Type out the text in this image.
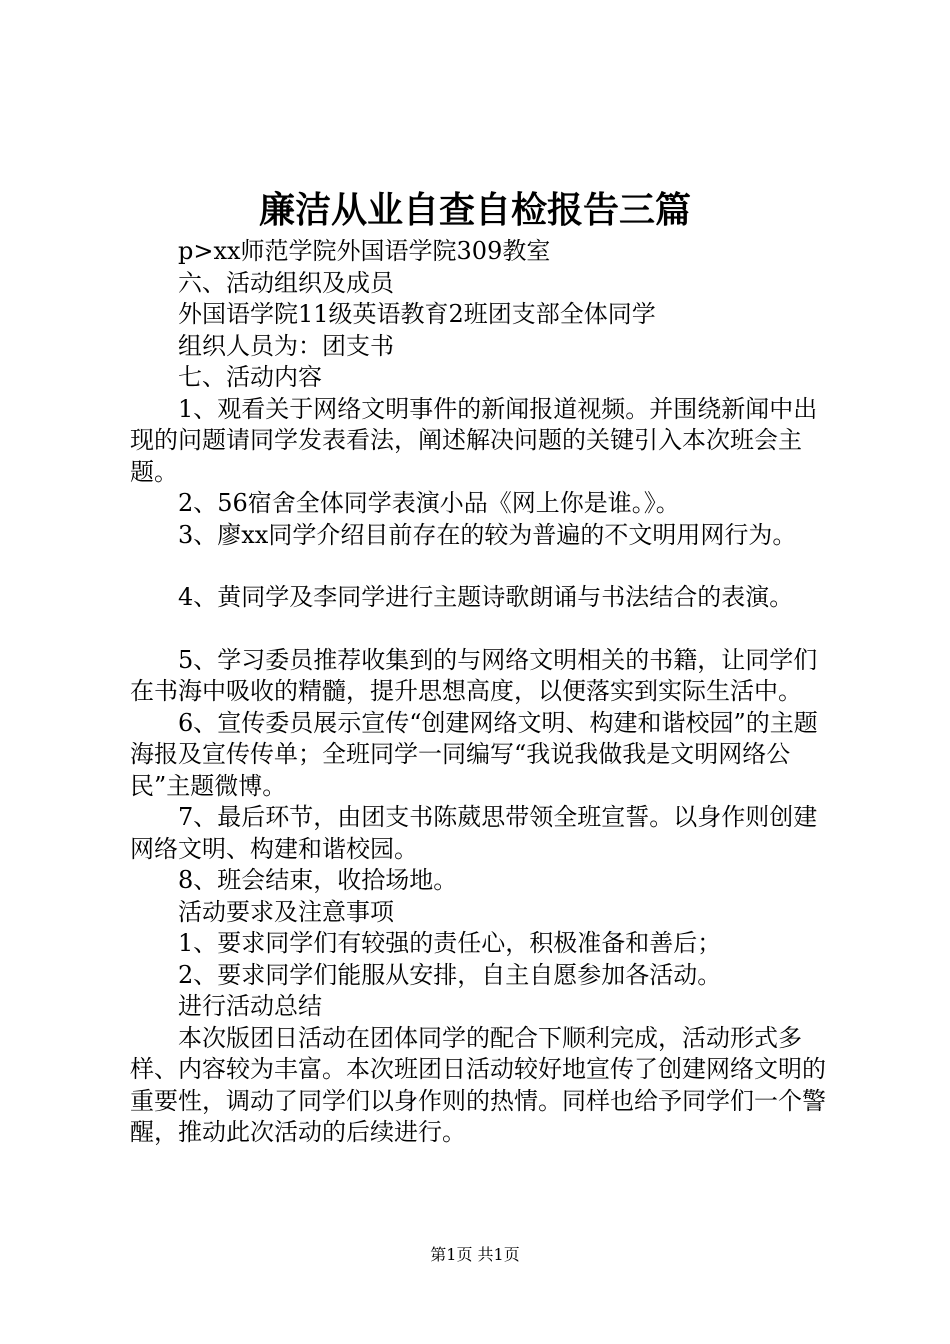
廉洁从业自查自检报告三篇

p>xx师范学院外国语学院309教室

六、活动组织及成员

外国语学院11级英语教育2班团支部全体同学

组织人员为：团支书

七、活动内容

1、观看关于网络文明事件的新闻报道视频。并围绕新闻中出现的问题请同学发表看法，阐述解决问题的关键引入本次班会主题。

2、56宿舍全体同学表演小品《网上你是谁。》。

3、廖xx同学介绍目前存在的较为普遍的不文明用网行为。

4、黄同学及李同学进行主题诗歌朗诵与书法结合的表演。

5、学习委员推荐收集到的与网络文明相关的书籍，让同学们在书海中吸收的精髓，提升思想高度，以便落实到实际生活中。

6、宣传委员展示宣传“创建网络文明、构建和谐校园”的主题海报及宣传传单；全班同学一同编写“我说我做我是文明网络公民”主题微博。

7、最后环节，由团支书陈葳思带领全班宣誓。以身作则创建网络文明、构建和谐校园。

8、班会结束，收拾场地。

活动要求及注意事项

1、要求同学们有较强的责任心，积极准备和善后；

2、要求同学们能服从安排，自主自愿参加各活动。

进行活动总结

本次版团日活动在团体同学的配合下顺利完成，活动形式多样、内容较为丰富。本次班团日活动较好地宣传了创建网络文明的重要性，调动了同学们以身作则的热情。同样也给予同学们一个警醒，推动此次活动的后续进行。

第1页 共1页
